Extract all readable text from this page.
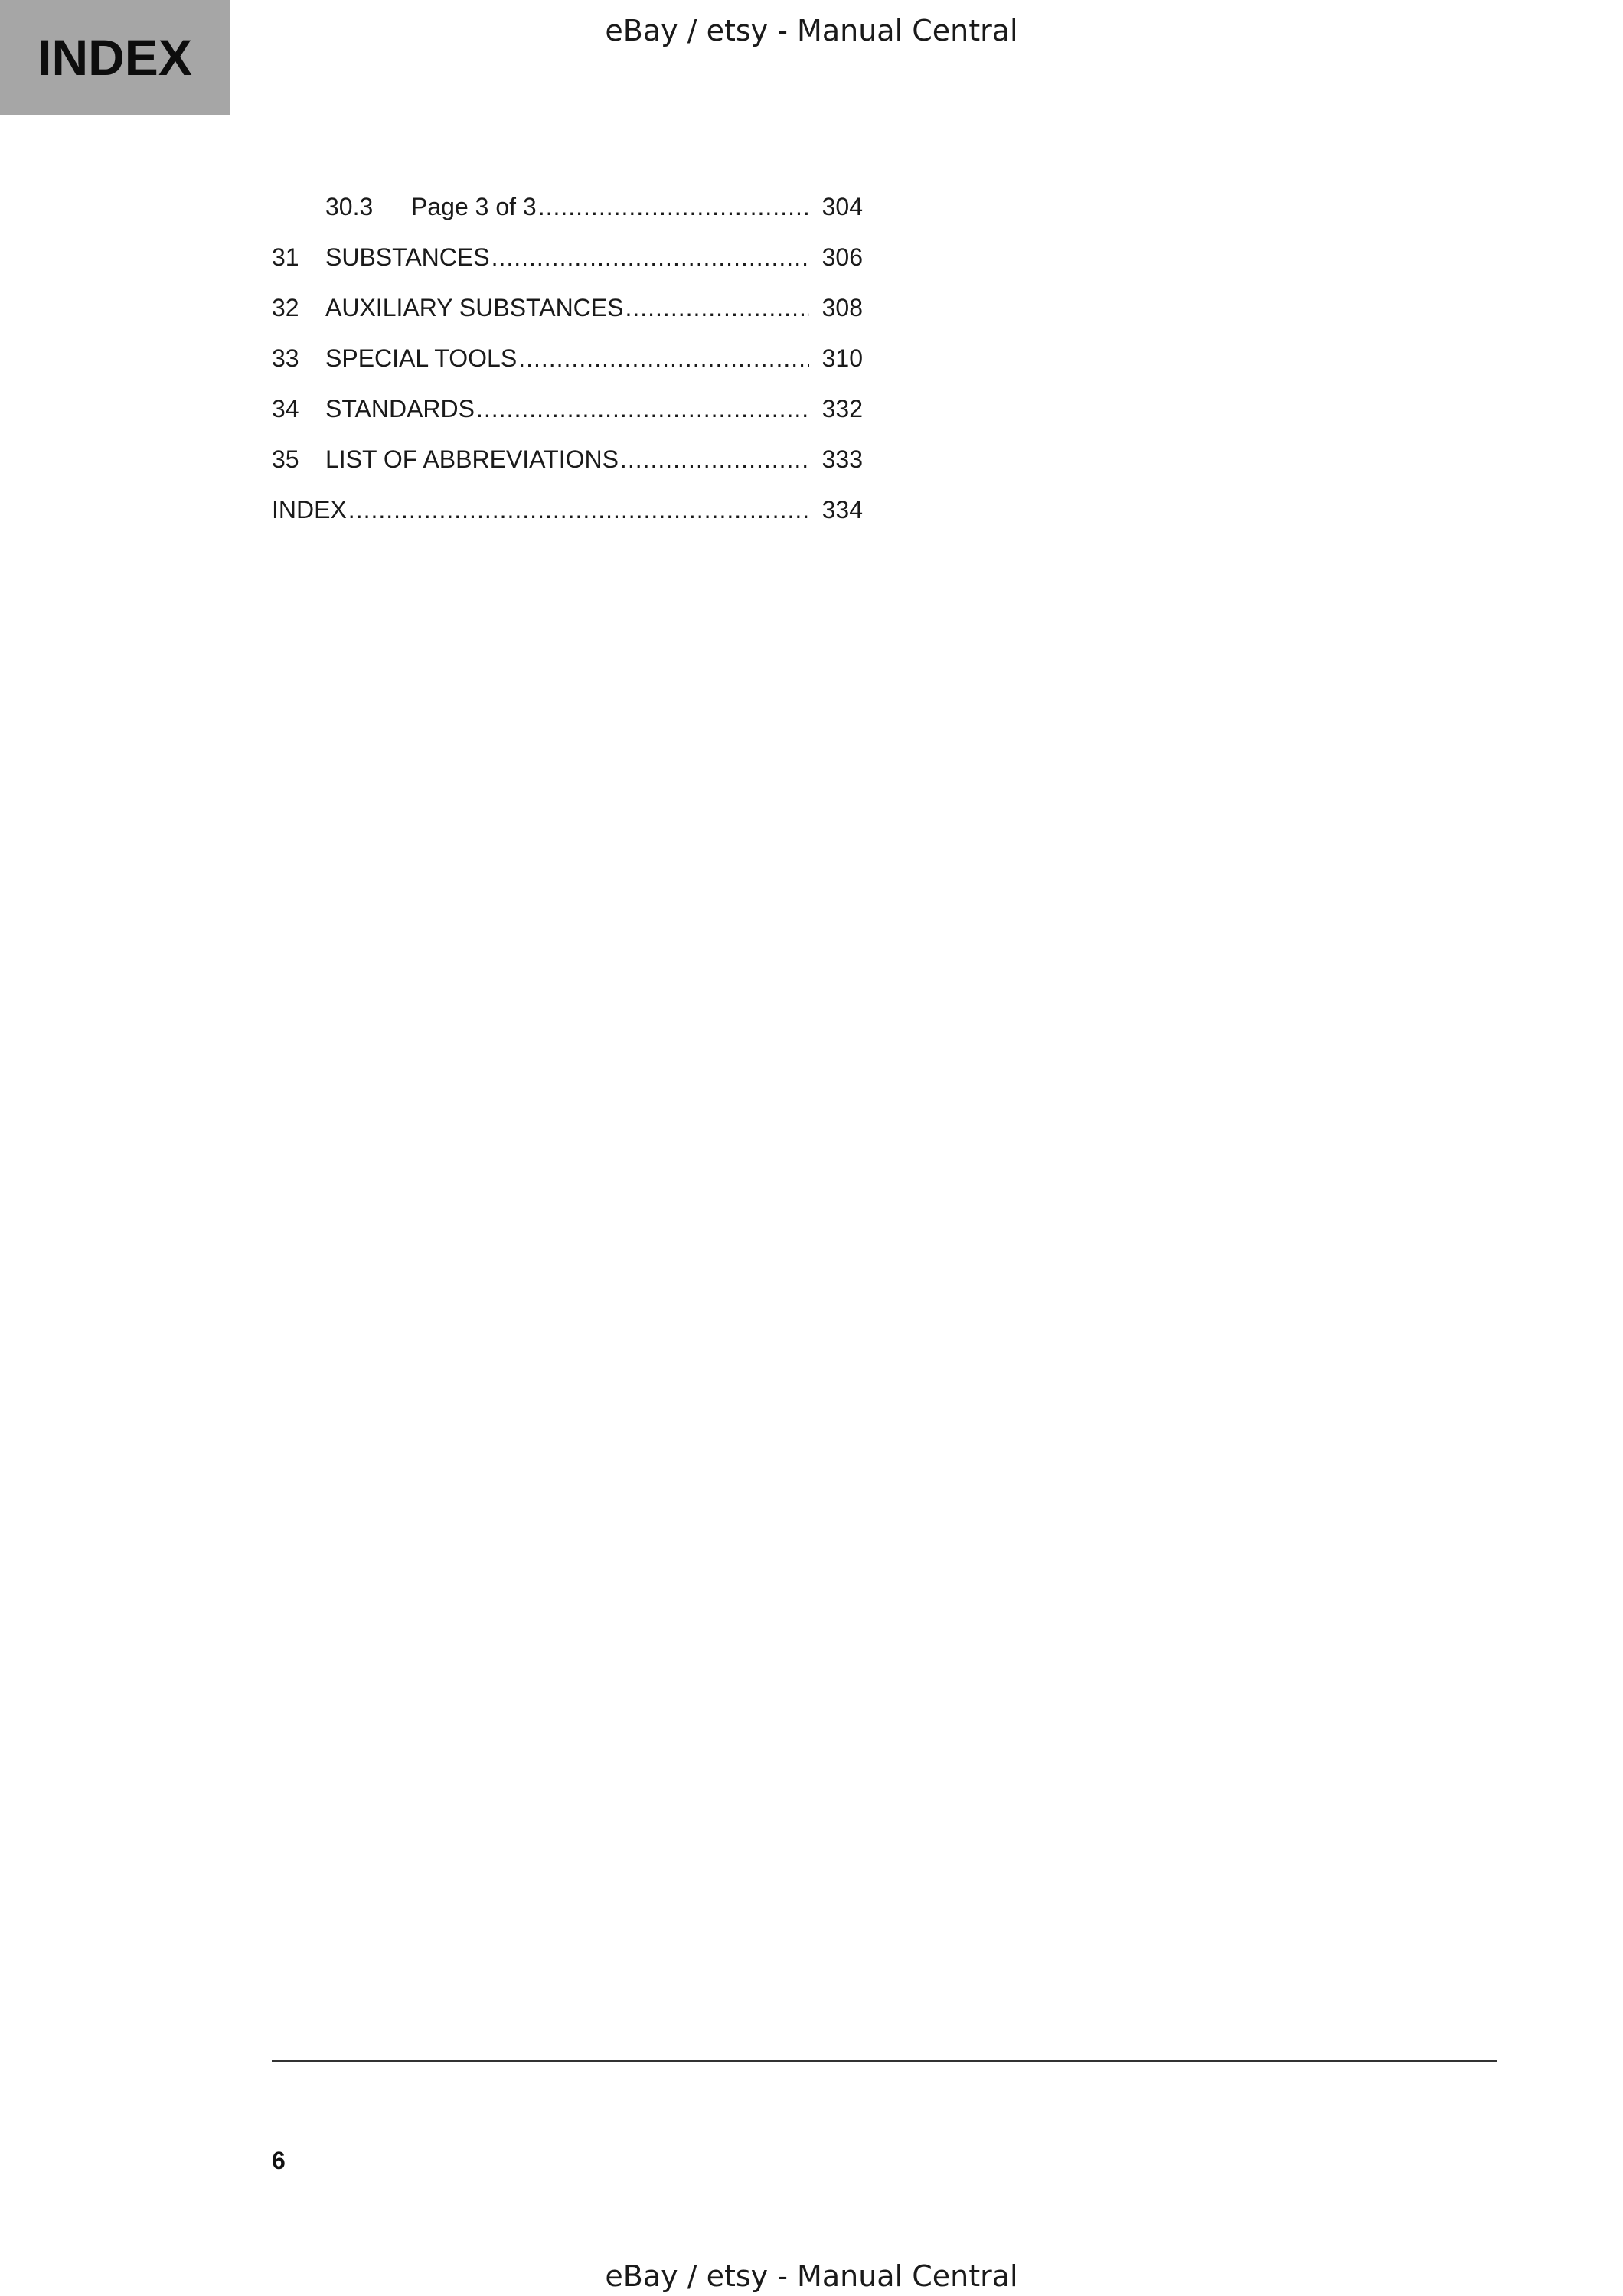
INDEX	eBay / etsy - Manual Central
30.3	Page 3 of 3 .....	304
31	SUBSTANCES .....	306
32	AUXILIARY SUBSTANCES .....	308
33	SPECIAL TOOLS .....	310
34	STANDARDS .....	332
35	LIST OF ABBREVIATIONS .....	333
INDEX .....	334
6
eBay / etsy - Manual Central
